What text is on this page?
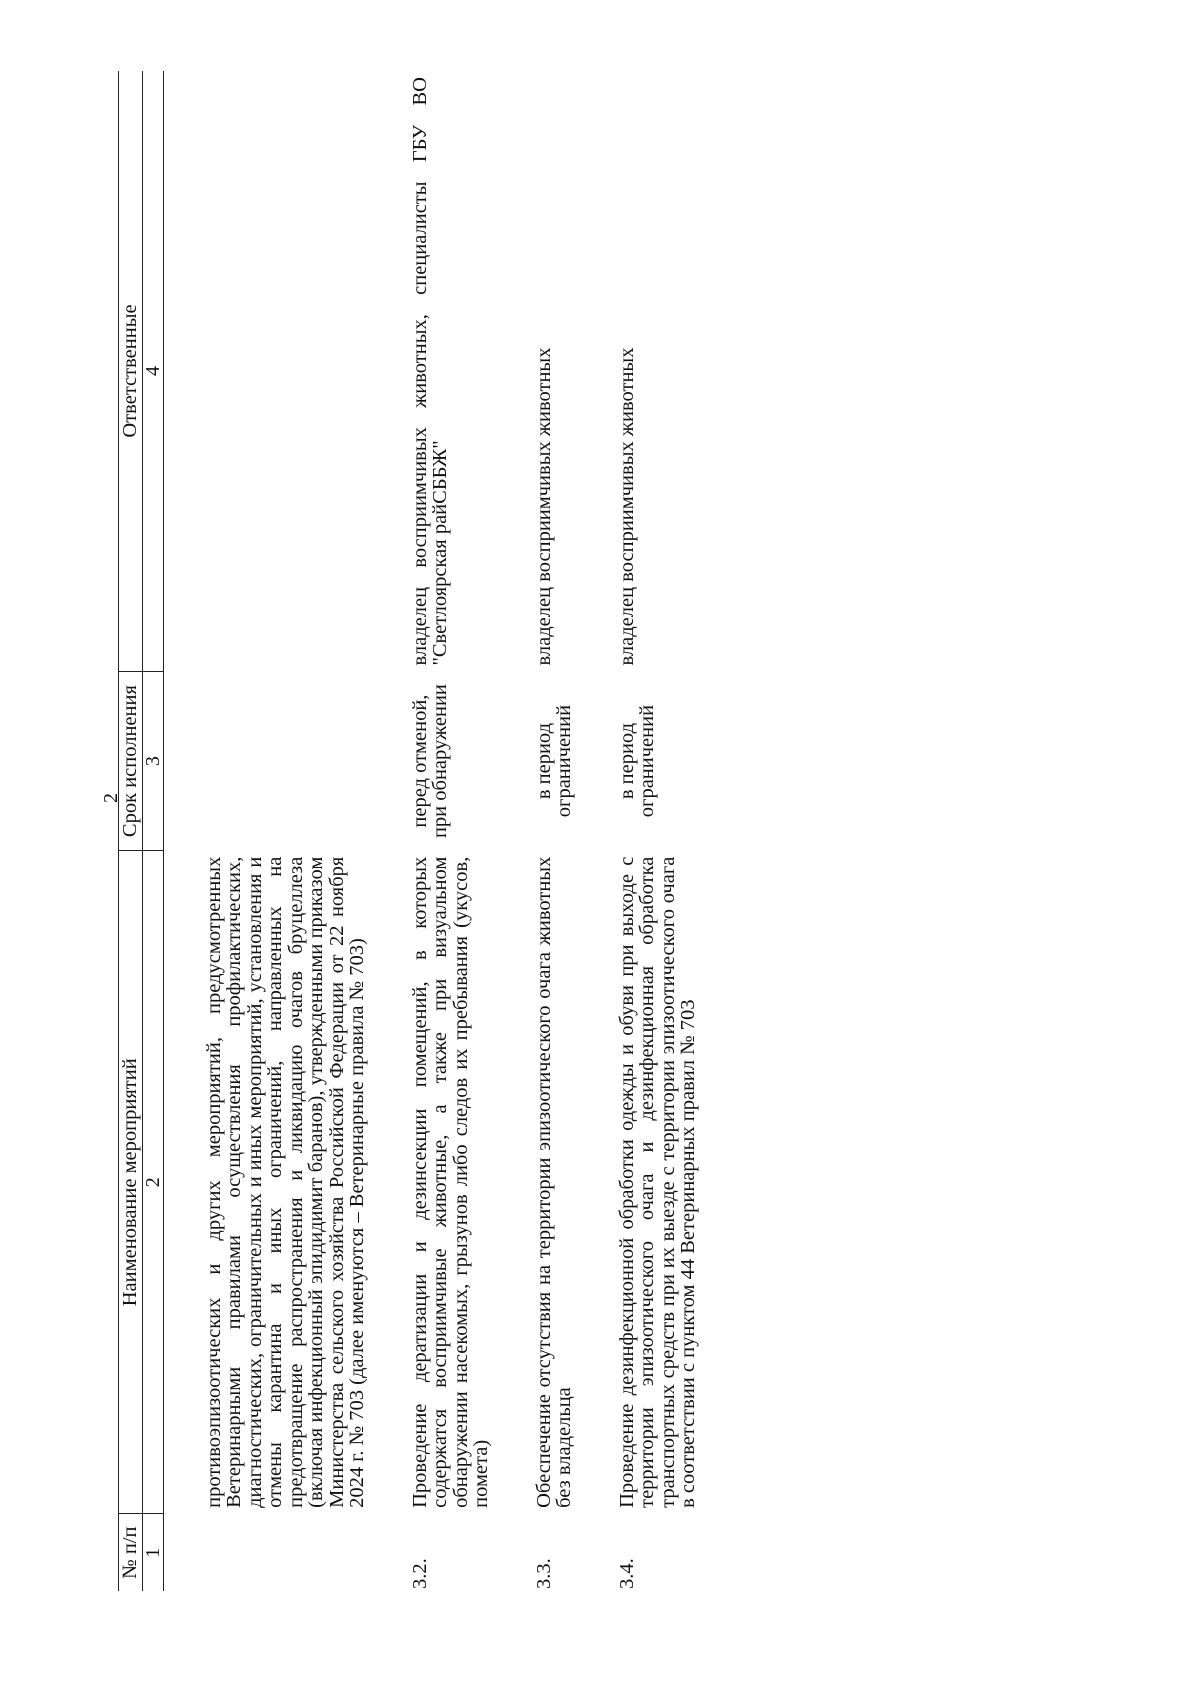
2
№ п/п	Наименование мероприятий	Срок исполнения	Ответственные
1	2	3	4
	противоэпизоотических и других мероприятий, предусмотренных Ветеринарными правилами осуществления профилактических, диагностических, ограничительных и иных мероприятий, установления и отмены карантина и иных ограничений, направленных на предотвращение распространения и ликвидацию очагов бруцеллеза (включая инфекционный эпидидимит баранов), утвержденными приказом Министерства сельского хозяйства Российской Федерации от 22 ноября 2024 г. № 703 (далее именуются – Ветеринарные правила № 703)		
3.2.	Проведение дератизации и дезинсекции помещений, в которых содержатся восприимчивые животные, а также при визуальном обнаружении насекомых, грызунов либо следов их пребывания (укусов, помета)	перед отменой, при обнаружении	владелец восприимчивых животных, специалисты ГБУ ВО "Светлоярская райСББЖ"
3.3.	Обеспечение отсутствия на территории эпизоотического очага животных без владельца	в период ограничений	владелец восприимчивых животных
3.4.	Проведение дезинфекционной обработки одежды и обуви при выходе с территории эпизоотического очага и дезинфекционная обработка транспортных средств при их выезде с территории эпизоотического очага в соответствии с пунктом 44 Ветеринарных правил № 703	в период ограничений	владелец восприимчивых животных
